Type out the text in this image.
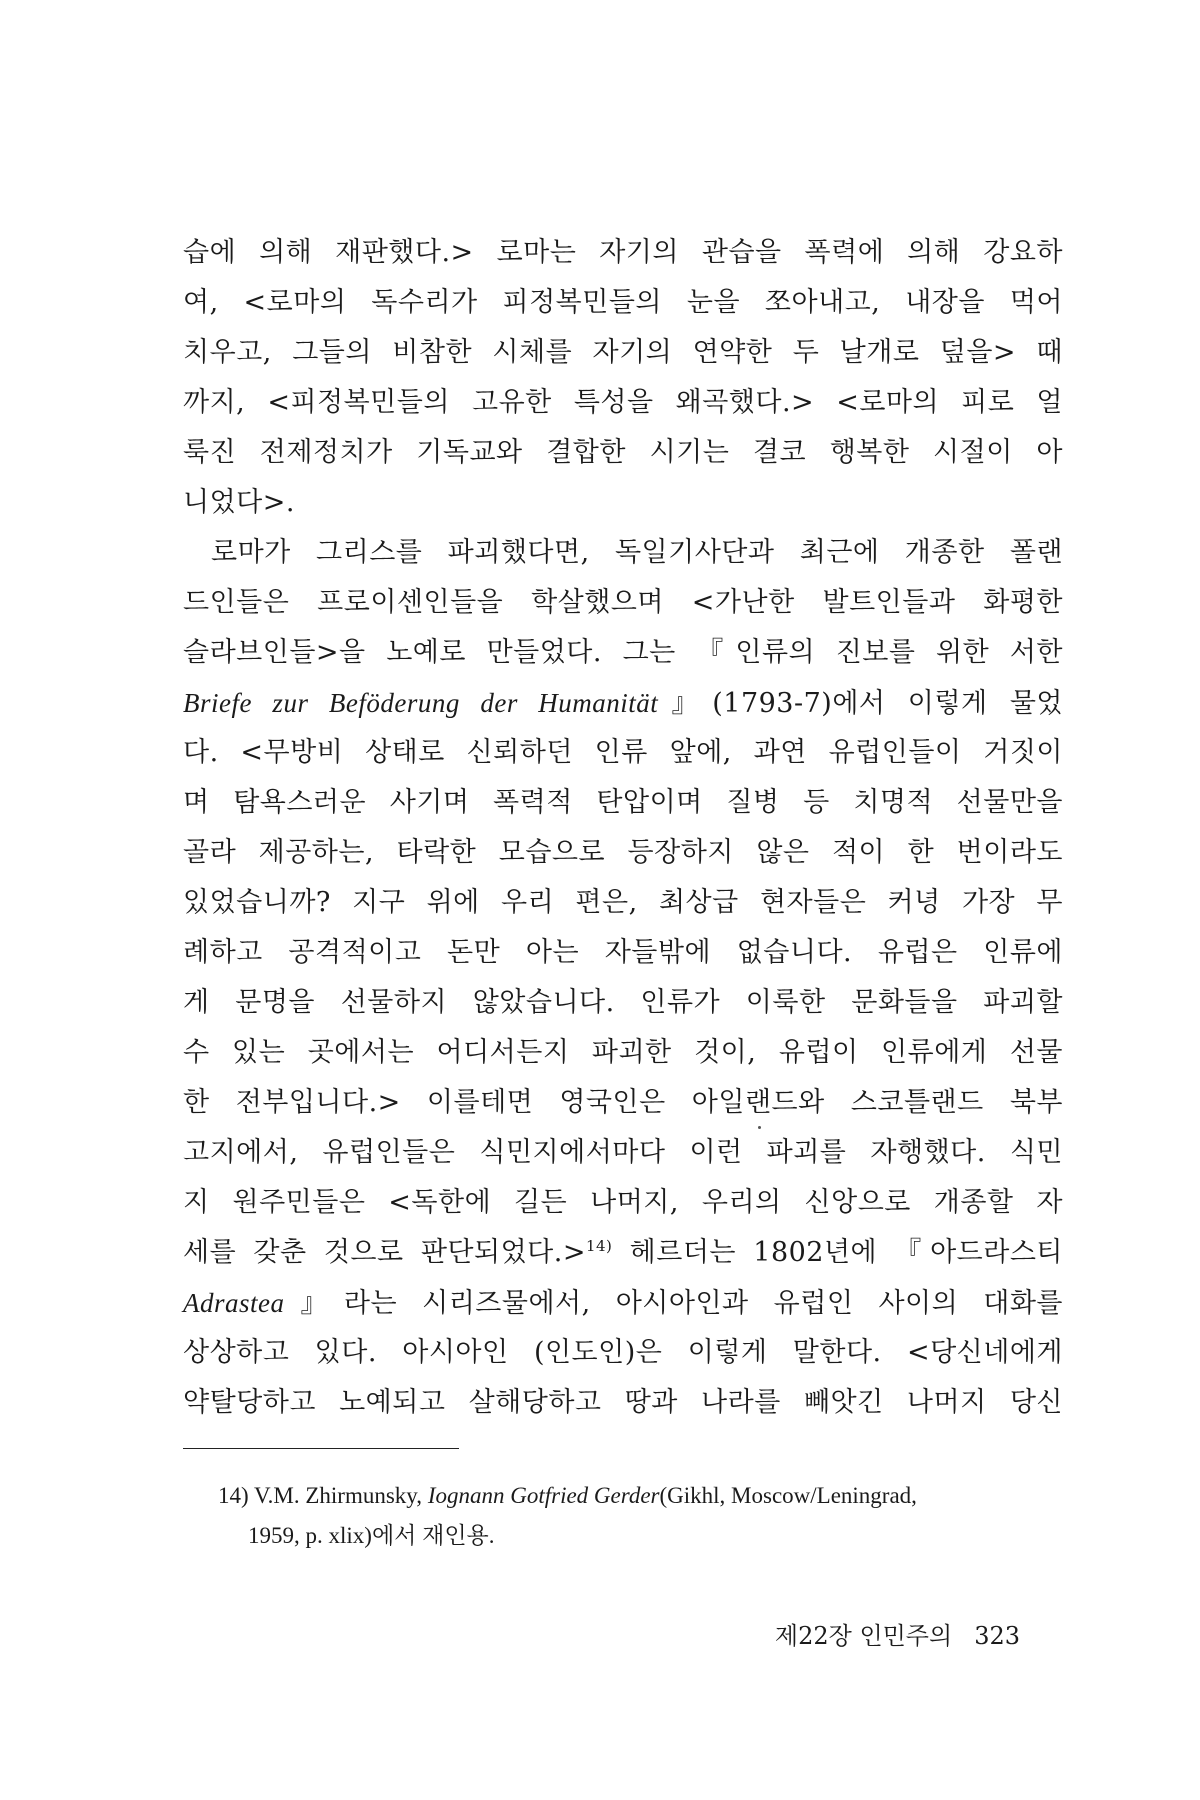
습에 의해 재판했다.> 로마는 자기의 관습을 폭력에 의해 강요하
여, <로마의 독수리가 피정복민들의 눈을 쪼아내고, 내장을 먹어
치우고, 그들의 비참한 시체를 자기의 연약한 두 날개로 덮을> 때
까지, <피정복민들의 고유한 특성을 왜곡했다.> <로마의 피로 얼
룩진 전제정치가 기독교와 결합한 시기는 결코 행복한 시절이 아
니었다>.
로마가 그리스를 파괴했다면, 독일기사단과 최근에 개종한 폴랜
드인들은 프로이센인들을 학살했으며 <가난한 발트인들과 화평한
슬라브인들>을 노예로 만들었다. 그는 『인류의 진보를 위한 서한
Briefe zur Beföderung der Humanität』(1793-7)에서 이렇게 물었
다. <무방비 상태로 신뢰하던 인류 앞에, 과연 유럽인들이 거짓이
며 탐욕스러운 사기며 폭력적 탄압이며 질병 등 치명적 선물만을
골라 제공하는, 타락한 모습으로 등장하지 않은 적이 한 번이라도
있었습니까? 지구 위에 우리 편은, 최상급 현자들은 커녕 가장 무
례하고 공격적이고 돈만 아는 자들밖에 없습니다. 유럽은 인류에
게 문명을 선물하지 않았습니다. 인류가 이룩한 문화들을 파괴할
수 있는 곳에서는 어디서든지 파괴한 것이, 유럽이 인류에게 선물
한 전부입니다.> 이를테면 영국인은 아일랜드와 스코틀랜드 북부
고지에서, 유럽인들은 식민지에서마다 이런 파괴를 자행했다. 식민
지 원주민들은 <독한에 길든 나머지, 우리의 신앙으로 개종할 자
세를 갖춘 것으로 판단되었다.>$^{14)}$ 헤르더는 1802년에 『아드라스티
Adrastea』라는 시리즈물에서, 아시아인과 유럽인 사이의 대화를
상상하고 있다. 아시아인 (인도인)은 이렇게 말한다. <당신네에게
약탈당하고 노예되고 살해당하고 땅과 나라를 빼앗긴 나머지 당신
14) V.M. Zhirmunsky, Iognann Gotfried Gerder(Gikhl, Moscow/Leningrad,
1959, p. xlix)에서 재인용.
제22장 인민주의 323
